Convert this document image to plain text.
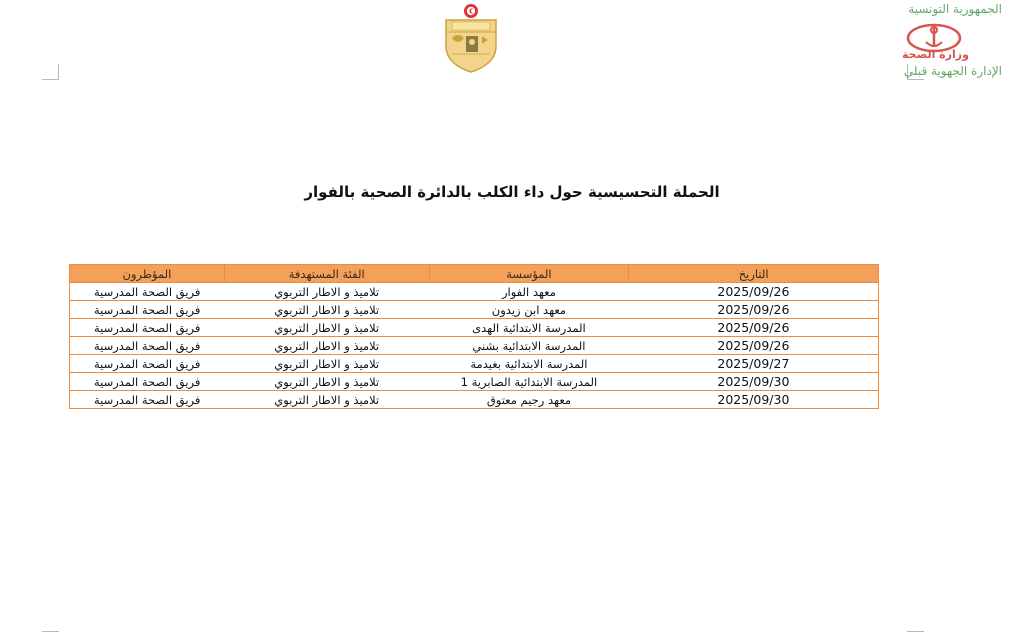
الجمهورية التونسية
وزارة الصحة
الإدارة الجهوية قبلي
الحملة التحسيسية حول داء الكلب بالدائرة الصحية بالفوار
التاريخ	المؤسسة	الفئة المستهدفة	المؤطرون
2025/09/26	معهد الفوار	تلاميذ و الاطار التربوي	فريق الصحة المدرسية
2025/09/26	معهد ابن زيدون	تلاميذ و الاطار التربوي	فريق الصحة المدرسية
2025/09/26	المدرسة الابتدائية الهدى	تلاميذ و الاطار التربوي	فريق الصحة المدرسية
2025/09/26	المدرسة الابتدائية بشني	تلاميذ و الاطار التربوي	فريق الصحة المدرسية
2025/09/27	المدرسة الابتدائية بغيدمة	تلاميذ و الاطار التربوي	فريق الصحة المدرسية
2025/09/30	المدرسة الابتدائية الصابرية 1	تلاميذ و الاطار التربوي	فريق الصحة المدرسية
2025/09/30	معهد رجيم معتوق	تلاميذ و الاطار التربوي	فريق الصحة المدرسية
